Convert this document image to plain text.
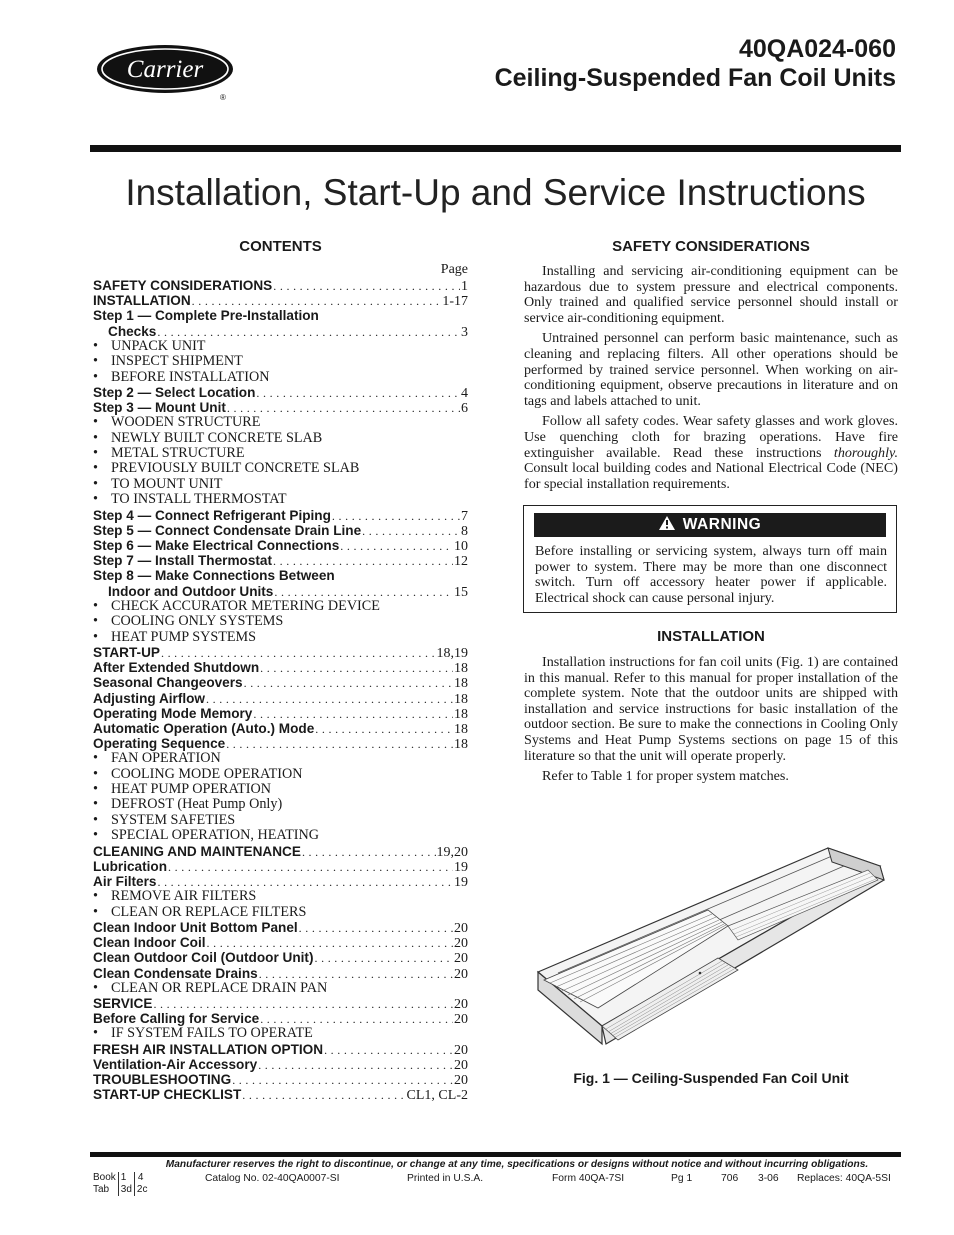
Carrier
®
40QA024-060
Ceiling-Suspended Fan Coil Units
Installation, Start-Up and Service Instructions
CONTENTS
Page
SAFETY CONSIDERATIONS . . .	1
INSTALLATION . . .	1-17
Step 1 — Complete Pre-Installation
Checks . . .	3
• UNPACK UNIT
• INSPECT SHIPMENT
• BEFORE INSTALLATION
Step 2 — Select Location . . .	4
Step 3 — Mount Unit . . .	6
• WOODEN STRUCTURE
• NEWLY BUILT CONCRETE SLAB
• METAL STRUCTURE
• PREVIOUSLY BUILT CONCRETE SLAB
• TO MOUNT UNIT
• TO INSTALL THERMOSTAT
Step 4 — Connect Refrigerant Piping . . .	7
Step 5 — Connect Condensate Drain Line . . .	8
Step 6 — Make Electrical Connections . . .	10
Step 7 — Install Thermostat . . .	12
Step 8 — Make Connections Between
Indoor and Outdoor Units . . .	15
• CHECK ACCURATOR METERING DEVICE
• COOLING ONLY SYSTEMS
• HEAT PUMP SYSTEMS
START-UP . . .	18,19
After Extended Shutdown . . .	18
Seasonal Changeovers . . .	18
Adjusting Airflow . . .	18
Operating Mode Memory . . .	18
Automatic Operation (Auto.) Mode . . .	18
Operating Sequence . . .	18
• FAN OPERATION
• COOLING MODE OPERATION
• HEAT PUMP OPERATION
• DEFROST (Heat Pump Only)
• SYSTEM SAFETIES
• SPECIAL OPERATION, HEATING
CLEANING AND MAINTENANCE . . .	19,20
Lubrication . . .	19
Air Filters . . .	19
• REMOVE AIR FILTERS
• CLEAN OR REPLACE FILTERS
Clean Indoor Unit Bottom Panel . . .	20
Clean Indoor Coil . . .	20
Clean Outdoor Coil (Outdoor Unit) . . .	20
Clean Condensate Drains . . .	20
• CLEAN OR REPLACE DRAIN PAN
SERVICE . . .	20
Before Calling for Service . . .	20
• IF SYSTEM FAILS TO OPERATE
FRESH AIR INSTALLATION OPTION . . .	20
Ventilation-Air Accessory . . .	20
TROUBLESHOOTING . . .	20
START-UP CHECKLIST . . .	CL1, CL-2
SAFETY CONSIDERATIONS

Installing and servicing air-conditioning equipment can be hazardous due to system pressure and electrical components. Only trained and qualified service personnel should install or service air-conditioning equipment.

Untrained personnel can perform basic maintenance, such as cleaning and replacing filters. All other operations should be performed by trained service personnel. When working on air-conditioning equipment, observe precautions in literature and on tags and labels attached to unit.

Follow all safety codes. Wear safety glasses and work gloves. Use quenching cloth for brazing operations. Have fire extinguisher available. Read these instructions thoroughly. Consult local building codes and National Electrical Code (NEC) for special installation requirements.

WARNING
Before installing or servicing system, always turn off main power to system. There may be more than one disconnect switch. Turn off accessory heater power if applicable. Electrical shock can cause personal injury.
INSTALLATION

Installation instructions for fan coil units (Fig. 1) are contained in this manual. Refer to this manual for proper installation of the complete system. Note that the outdoor units are shipped with installation and service instructions for basic installation of the outdoor section. Be sure to make the connections in Cooling Only Systems and Heat Pump Systems sections on page 15 of this literature so that the unit will operate properly.

Refer to Table 1 for proper system matches.

Fig. 1 — Ceiling-Suspended Fan Coil Unit
Manufacturer reserves the right to discontinue, or change at any time, specifications or designs without notice and without incurring obligations.
Book	1	4
Tab	3d	2c
Catalog No. 02-40QA0007-SI	Printed in U.S.A.	Form 40QA-7SI	Pg 1	706 3-06 Replaces: 40QA-5SI
